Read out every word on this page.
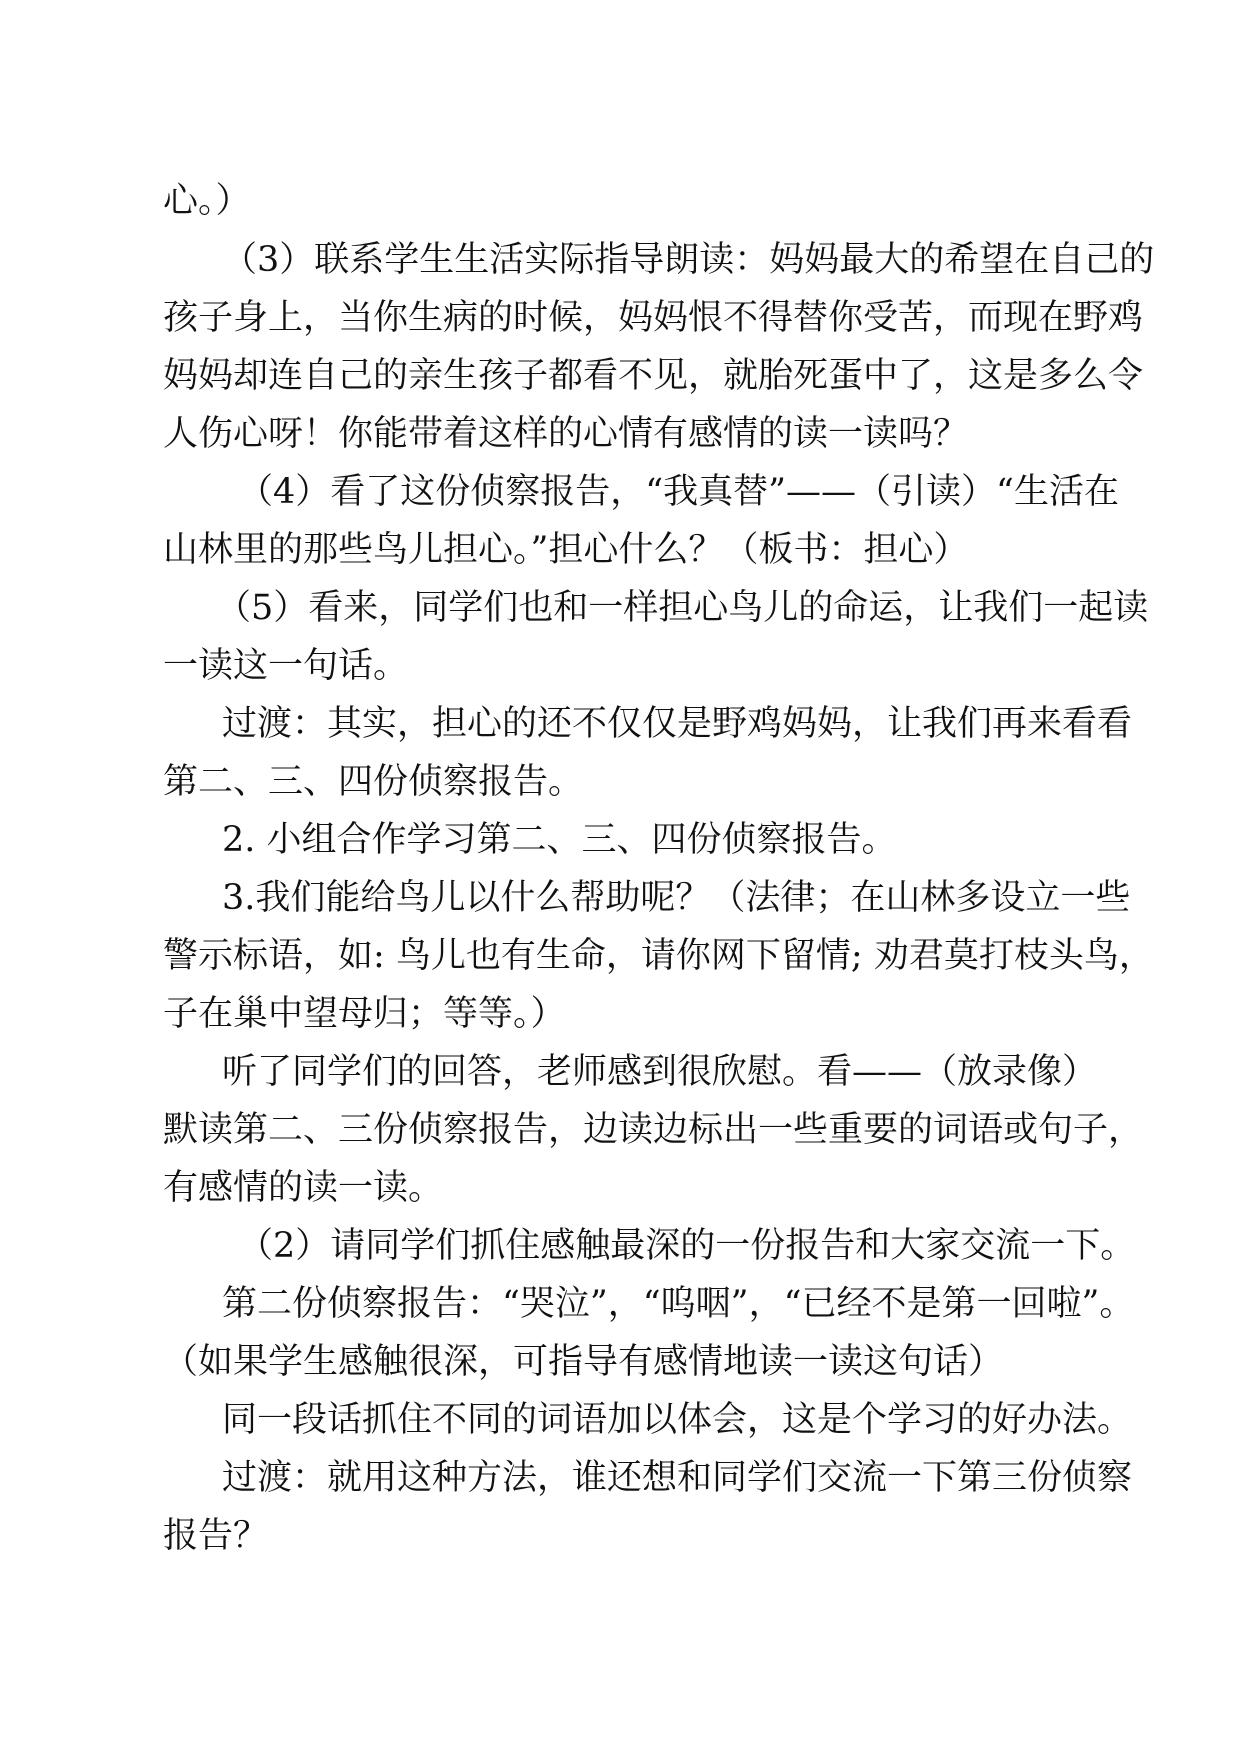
心。）
（3）联系学生生活实际指导朗读：妈妈最大的希望在自己的
孩子身上，当你生病的时候，妈妈恨不得替你受苦，而现在野鸡
妈妈却连自己的亲生孩子都看不见，就胎死蛋中了，这是多么令
人伤心呀！你能带着这样的心情有感情的读一读吗？
（4）看了这份侦察报告，“我真替”——（引读）“生活在
山林里的那些鸟儿担心。”担心什么？（板书：担心）
（5）看来，同学们也和一样担心鸟儿的命运，让我们一起读
一读这一句话。
过渡：其实，担心的还不仅仅是野鸡妈妈，让我们再来看看
第二、三、四份侦察报告。
2. 小组合作学习第二、三、四份侦察报告。
3.我们能给鸟儿以什么帮助呢？（法律；在山林多设立一些
警示标语，如: 鸟儿也有生命，请你网下留情; 劝君莫打枝头鸟，
子在巢中望母归；等等。）
听了同学们的回答，老师感到很欣慰。看——（放录像）
默读第二、三份侦察报告，边读边标出一些重要的词语或句子，
有感情的读一读。
（2）请同学们抓住感触最深的一份报告和大家交流一下。
第二份侦察报告：“哭泣”，“呜咽”，“已经不是第一回啦”。
（如果学生感触很深，可指导有感情地读一读这句话）
同一段话抓住不同的词语加以体会，这是个学习的好办法。
过渡：就用这种方法，谁还想和同学们交流一下第三份侦察
报告？
